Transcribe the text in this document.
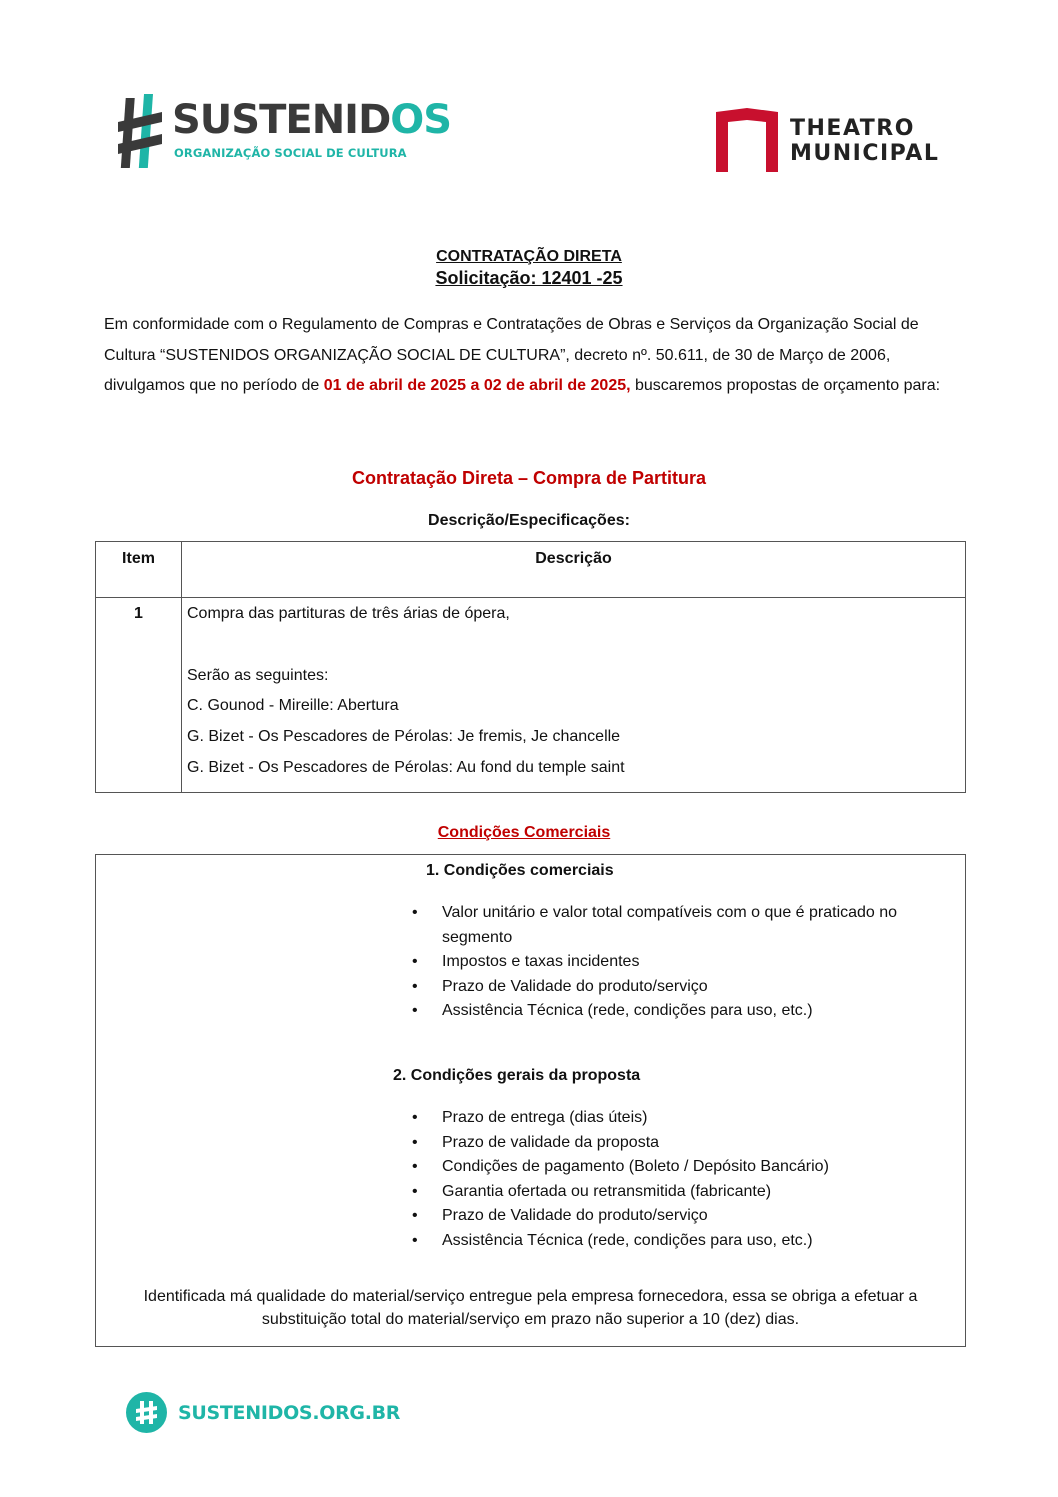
SUSTENIDOS
ORGANIZAÇÃO SOCIAL DE CULTURA
THEATRO
MUNICIPAL
CONTRATAÇÃO DIRETA
Solicitação: 12401 -25
Em conformidade com o Regulamento de Compras e Contratações de Obras e Serviços da Organização Social de Cultura “SUSTENIDOS ORGANIZAÇÃO SOCIAL DE CULTURA”, decreto nº. 50.611, de 30 de Março de 2006, divulgamos que no período de 01 de abril de 2025 a 02 de abril de 2025, buscaremos propostas de orçamento para:
Contratação Direta – Compra de Partitura
Descrição/Especificações:
Item	Descrição
1	Compra das partituras de três árias de ópera,
Serão as seguintes:
C. Gounod - Mireille: Abertura
G. Bizet - Os Pescadores de Pérolas: Je fremis, Je chancelle
G. Bizet - Os Pescadores de Pérolas: Au fond du temple saint
Condições Comerciais
1. Condições comerciais
• Valor unitário e valor total compatíveis com o que é praticado no segmento
• Impostos e taxas incidentes
• Prazo de Validade do produto/serviço
• Assistência Técnica (rede, condições para uso, etc.)
2. Condições gerais da proposta
• Prazo de entrega (dias úteis)
• Prazo de validade da proposta
• Condições de pagamento (Boleto / Depósito Bancário)
• Garantia ofertada ou retransmitida (fabricante)
• Prazo de Validade do produto/serviço
• Assistência Técnica (rede, condições para uso, etc.)
Identificada má qualidade do material/serviço entregue pela empresa fornecedora, essa se obriga a efetuar a substituição total do material/serviço em prazo não superior a 10 (dez) dias.
SUSTENIDOS.ORG.BR
